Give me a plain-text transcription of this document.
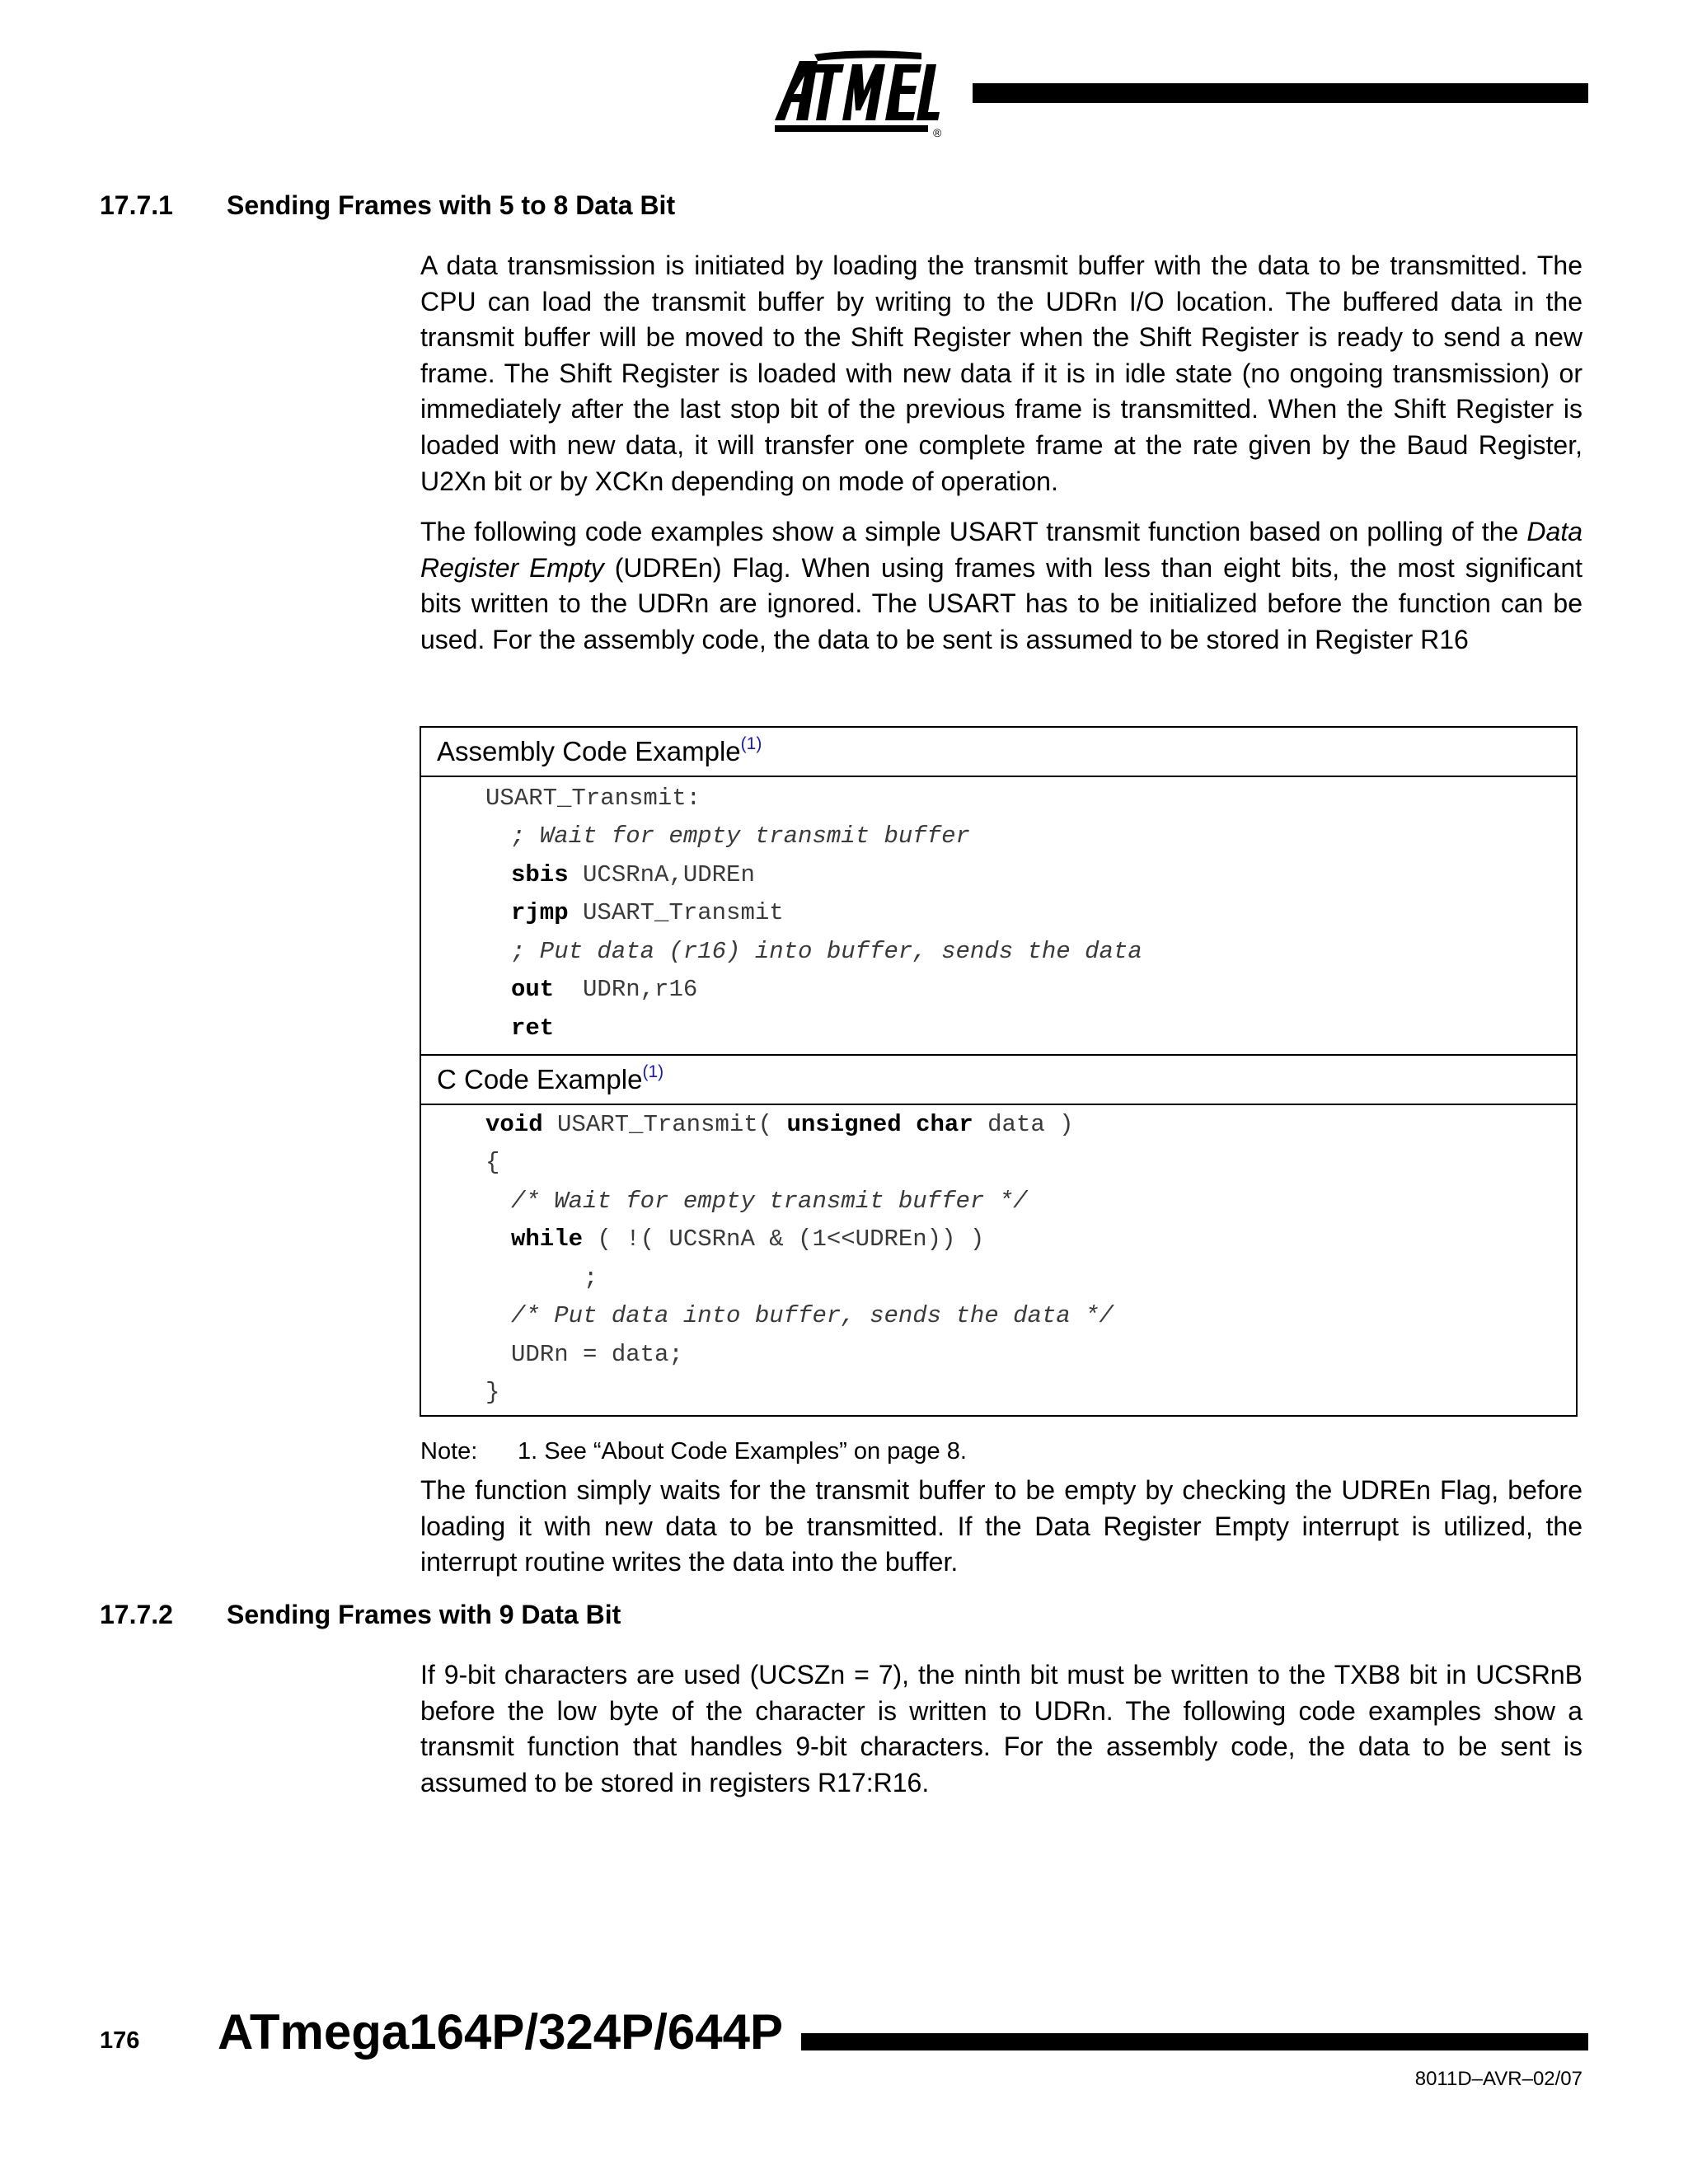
®
17.7.1 Sending Frames with 5 to 8 Data Bit

A data transmission is initiated by loading the transmit buffer with the data to be transmitted. The CPU can load the transmit buffer by writing to the UDRn I/O location. The buffered data in the transmit buffer will be moved to the Shift Register when the Shift Register is ready to send a new frame. The Shift Register is loaded with new data if it is in idle state (no ongoing transmission) or immediately after the last stop bit of the previous frame is transmitted. When the Shift Register is loaded with new data, it will transfer one complete frame at the rate given by the Baud Register, U2Xn bit or by XCKn depending on mode of operation.

The following code examples show a simple USART transmit function based on polling of the Data Register Empty (UDREn) Flag. When using frames with less than eight bits, the most significant bits written to the UDRn are ignored. The USART has to be initialized before the function can be used. For the assembly code, the data to be sent is assumed to be stored in Register R16

Assembly Code Example$^{(1)}$
USART_Transmit:
; Wait for empty transmit buffer
sbis UCSRnA,UDREn
rjmp USART_Transmit
; Put data (r16) into buffer, sends the data
out  UDRn,r16
ret
C Code Example$^{(1)}$
void USART_Transmit( unsigned char data )
{
/* Wait for empty transmit buffer */
while ( !( UCSRnA & (1<<UDREn)) )
;
/* Put data into buffer, sends the data */
UDRn = data;
}
Note: 1. See “About Code Examples” on page 8.

The function simply waits for the transmit buffer to be empty by checking the UDREn Flag, before loading it with new data to be transmitted. If the Data Register Empty interrupt is utilized, the interrupt routine writes the data into the buffer.

17.7.2 Sending Frames with 9 Data Bit

If 9-bit characters are used (UCSZn = 7), the ninth bit must be written to the TXB8 bit in UCSRnB before the low byte of the character is written to UDRn. The following code examples show a transmit function that handles 9-bit characters. For the assembly code, the data to be sent is assumed to be stored in registers R17:R16.

176 ATmega164P/324P/644P
8011D–AVR–02/07
